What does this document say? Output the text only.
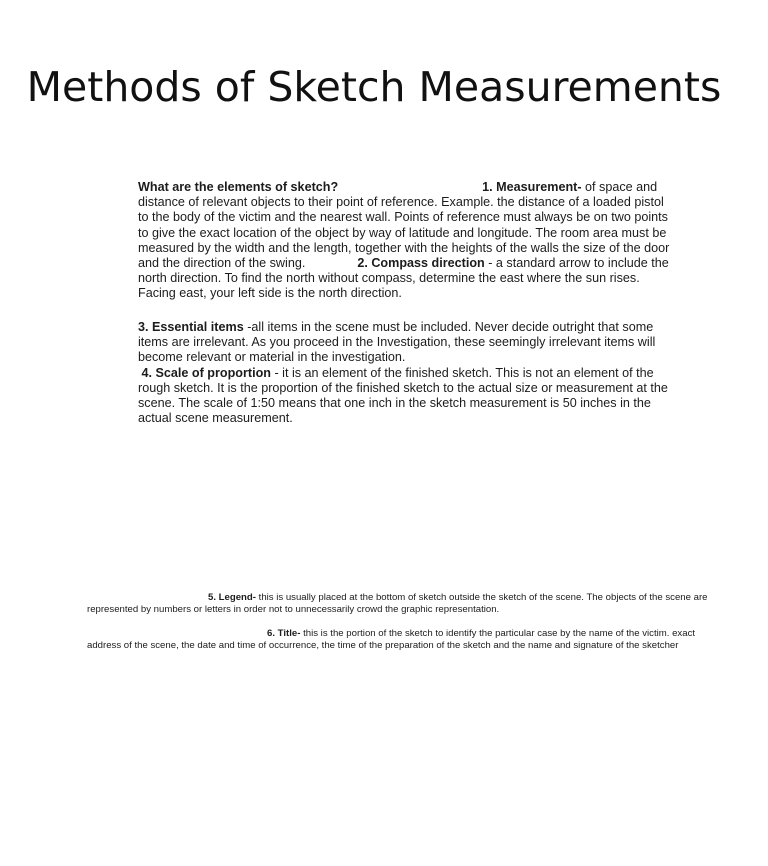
Methods of Sketch Measurements

What are the elements of sketch?	1. Measurement- of space and distance of relevant objects to their point of reference. Example. the distance of a loaded pistol to the body of the victim and the nearest wall. Points of reference must always be on two points to give the exact location of the object by way of latitude and longitude. The room area must be measured by the width and the length, together with the heights of the walls the size of the door and the direction of the swing.	2. Compass direction - a standard arrow to include the north direction. To find the north without compass, determine the east where the sun rises. Facing east, your left side is the north direction.

3. Essential items -all items in the scene must be included. Never decide outright that some items are irrelevant. As you proceed in the Investigation, these seemingly irrelevant items will become relevant or material in the investigation.

4. Scale of proportion - it is an element of the finished sketch. This is not an element of the rough sketch. It is the proportion of the finished sketch to the actual size or measurement at the scene. The scale of 1:50 means that one inch in the sketch measurement is 50 inches in the actual scene measurement.

5. Legend- this is usually placed at the bottom of sketch outside the sketch of the scene. The objects of the scene are represented by numbers or letters in order not to unnecessarily crowd the graphic representation.

6. Title- this is the portion of the sketch to identify the particular case by the name of the victim. exact address of the scene, the date and time of occurrence, the time of the preparation of the sketch and the name and signature of the sketcher
